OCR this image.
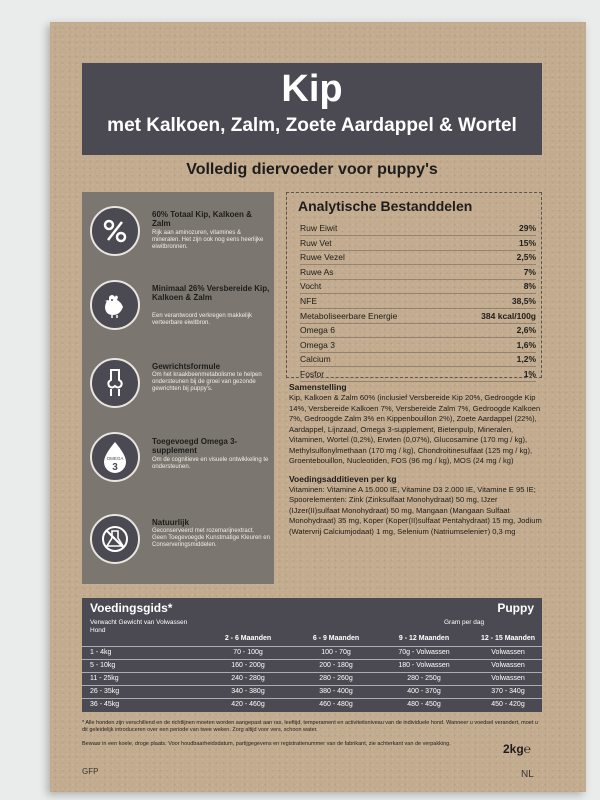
Kip
met Kalkoen, Zalm, Zoete Aardappel & Wortel
Volledig diervoeder voor puppy's
60% Totaal Kip, Kalkoen & Zalm
Rijk aan aminozuren, vitamines & mineralen. Het zijn ook nog eens heerlijke eiwitbronnen.
Minimaal 26% Versbereide Kip, Kalkoen & Zalm
Een verantwoord verkregen makkelijk verteerbare eiwitbron.
Gewrichtsformule
Om het kraakbeenmetabolisme te helpen ondersteunen bij de groei van gezonde gewrichten bij puppy's.
OMEGA
3
Toegevoegd Omega 3-supplement
Om de cognitieve en visuele ontwikkeling te ondersteunen.
Natuurlijk
Geconserveerd met rozemarijnextract. Geen Toegevoegde Kunstmatige Kleuren en Conserveringsmiddelen.
Analytische Bestanddelen
Ruw Eiwit	29%
Ruw Vet	15%
Ruwe Vezel	2,5%
Ruwe As	7%
Vocht	8%
NFE	38,5%
Metaboliseerbare Energie	384 kcal/100g
Omega 6	2,6%
Omega 3	1,6%
Calcium	1,2%
Fosfor	1%

Samenstelling

Kip, Kalkoen & Zalm 60% (inclusief Versbereide Kip 20%, Gedroogde Kip 14%, Versbereide Kalkoen 7%, Versbereide Zalm 7%, Gedroogde Kalkoen 7%, Gedroogde Zalm 3% en Kippenbouillon 2%), Zoete Aardappel (22%), Aardappel, Lijnzaad, Omega 3-supplement, Bietenpulp, Mineralen, Vitaminen, Wortel (0,2%), Erwten (0,07%), Glucosamine (170 mg / kg), Methylsulfonylmethaan (170 mg / kg), Chondroitinesulfaat (125 mg / kg), Groentebouillon, Nucleotiden, FOS (96 mg / kg), MOS (24 mg / kg)

Voedingsadditieven per kg

Vitaminen: Vitamine A 15.000 IE, Vitamine D3 2.000 IE, Vitamine E 95 IE; Spoorelementen: Zink (Zinksulfaat Monohydraat) 50 mg, IJzer (IJzer(II)sulfaat Monohydraat) 50 mg, Mangaan (Mangaan Sulfaat Monohydraat) 35 mg, Koper (Koper(II)sulfaat Pentahydraat) 15 mg, Jodium (Watervrij Calciumjodaat) 1 mg, Selenium (Natriumselenieт) 0,3 mg

Voedingsgids*	Puppy
Verwacht Gewicht van Volwassen
Hond
Gram per dag
2 - 6 Maanden	6 - 9 Maanden	9 - 12 Maanden	12 - 15 Maanden
1 - 4kg	70 - 100g	100 - 70g	70g - Volwassen	Volwassen
5 - 10kg	160 - 200g	200 - 180g	180 - Volwassen	Volwassen
11 - 25kg	240 - 280g	280 - 260g	280 - 250g	Volwassen
26 - 35kg	340 - 380g	380 - 400g	400 - 370g	370 - 340g
36 - 45kg	420 - 460g	460 - 480g	480 - 450g	450 - 420g
* Alle honden zijn verschillend en de richtlijnen moeten worden aangepast aan ras, leeftijd, temperament en activiteitsniveau van de individuele hond. Wanneer u voedsel verandert, moet u dit geleidelijk introduceren over een periode van twee weken. Zorg altijd voor vers, schoon water.
Bewaar in een koele, droge plaats. Voor houdbaarheidsdatum, partijgegevens en registratienummer van de fabrikant, zie achterkant van de verpakking.	2kg℮
GFP	NL
